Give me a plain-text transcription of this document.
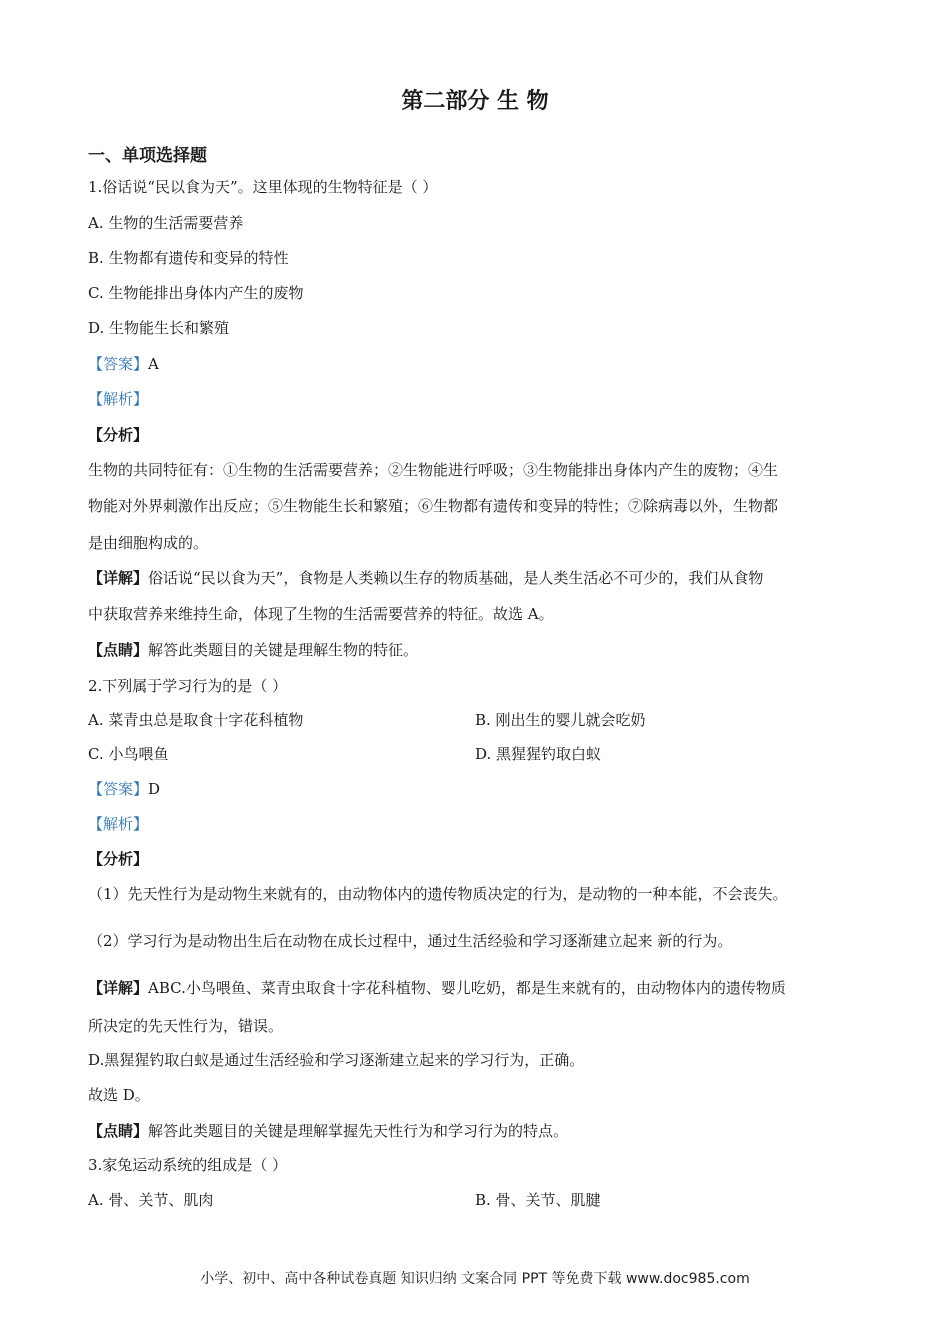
第二部分 生 物
一、单项选择题
1.俗话说“民以食为天”。这里体现的生物特征是（ ）
A. 生物的生活需要营养
B. 生物都有遗传和变异的特性
C. 生物能排出身体内产生的废物
D. 生物能生长和繁殖
【答案】A
【解析】
【分析】
生物的共同特征有：①生物的生活需要营养；②生物能进行呼吸；③生物能排出身体内产生的废物；④生
物能对外界刺激作出反应；⑤生物能生长和繁殖；⑥生物都有遗传和变异的特性；⑦除病毒以外，生物都
是由细胞构成的。
【详解】俗话说“民以食为天”，食物是人类赖以生存的物质基础，是人类生活必不可少的，我们从食物
中获取营养来维持生命，体现了生物的生活需要营养的特征。故选 A。
【点睛】解答此类题目的关键是理解生物的特征。
2.下列属于学习行为的是（ ）
A. 菜青虫总是取食十字花科植物	B. 刚出生的婴儿就会吃奶
C. 小鸟喂鱼	D. 黑猩猩钓取白蚁
【答案】D
【解析】
【分析】
（1）先天性行为是动物生来就有的，由动物体内的遗传物质决定的行为，是动物的一种本能，不会丧失。
（2）学习行为是动物出生后在动物在成长过程中，通过生活经验和学习逐渐建立起来 新的行为。
【详解】ABC.小鸟喂鱼、菜青虫取食十字花科植物、婴儿吃奶，都是生来就有的，由动物体内的遗传物质
所决定的先天性行为，错误。
D.黑猩猩钓取白蚁是通过生活经验和学习逐渐建立起来的学习行为，正确。
故选 D。
【点睛】解答此类题目的关键是理解掌握先天性行为和学习行为的特点。
3.家兔运动系统的组成是（ ）
A. 骨、关节、肌肉	B. 骨、关节、肌腱
小学、初中、高中各种试卷真题 知识归纳 文案合同 PPT 等免费下载 www.doc985.com
